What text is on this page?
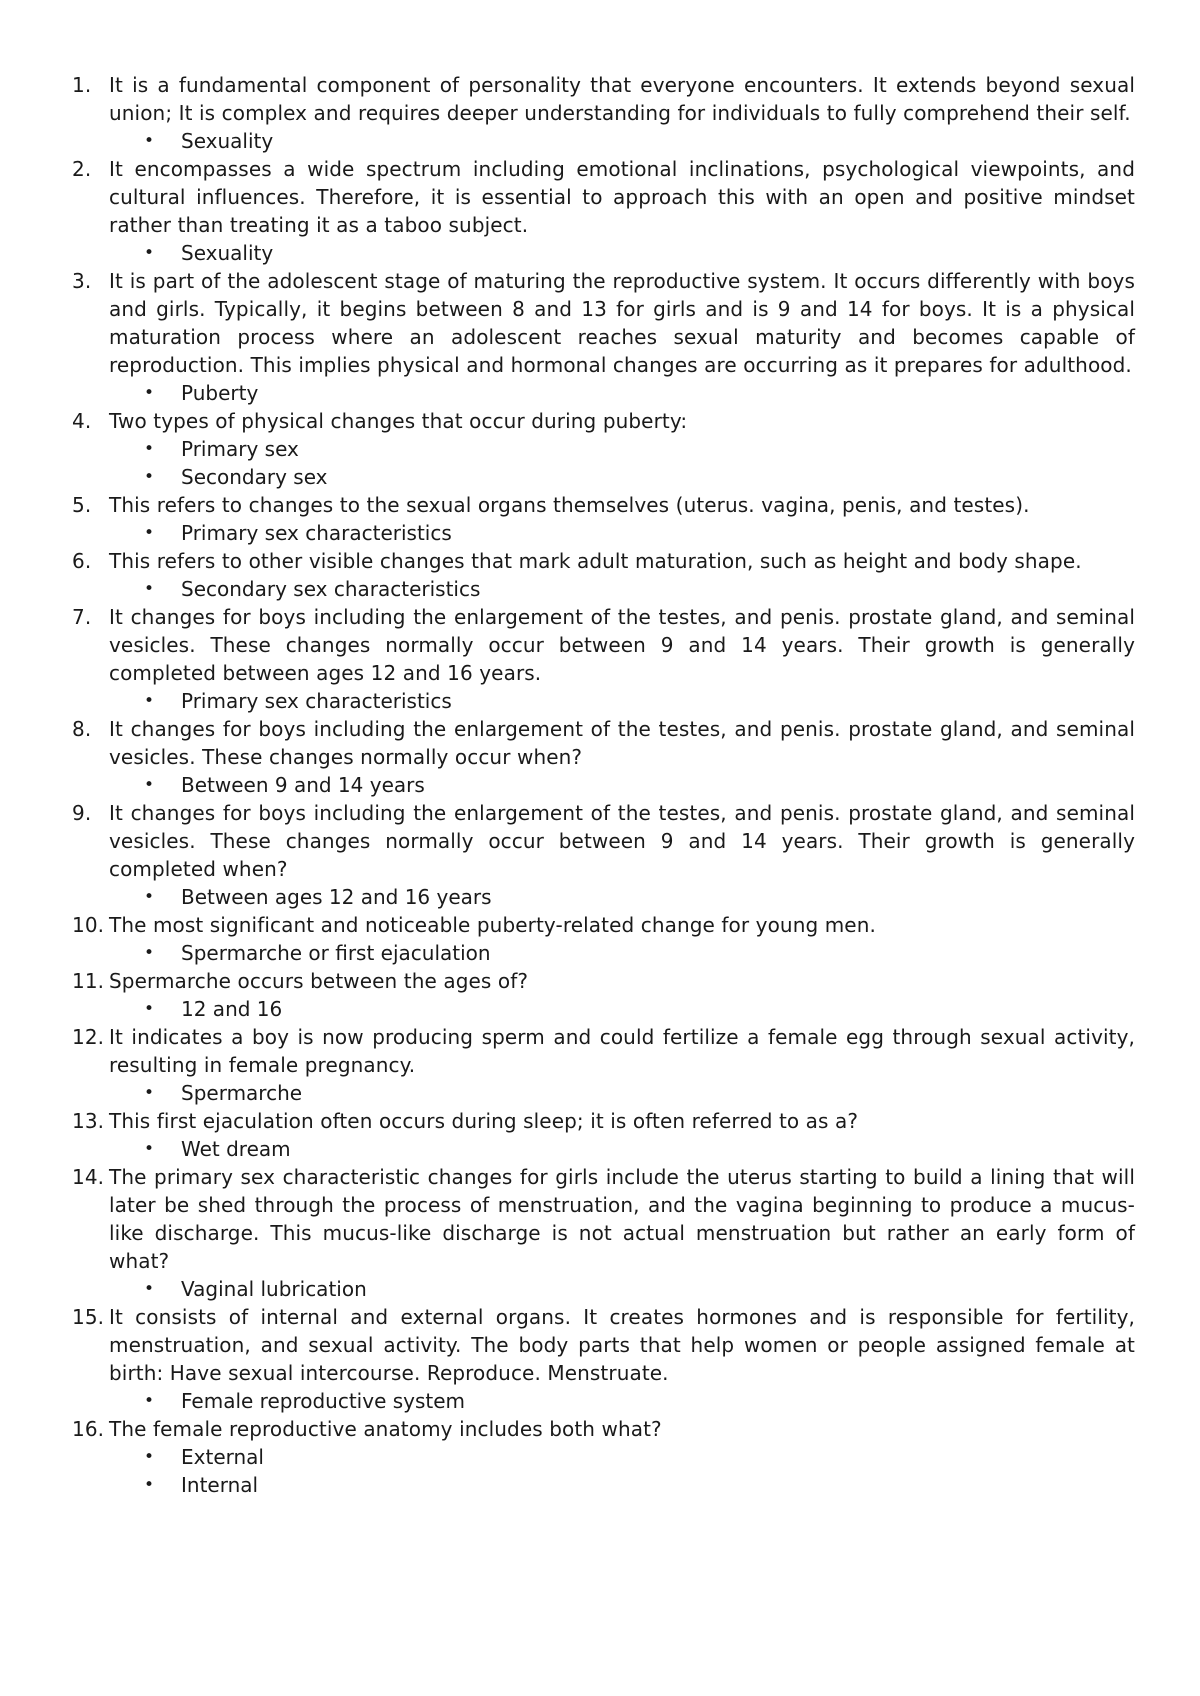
1. It is a fundamental component of personality that everyone encounters. It extends beyond sexual union; It is complex and requires deeper understanding for individuals to fully comprehend their self.
•	Sexuality
2. It encompasses a wide spectrum including emotional inclinations, psychological viewpoints, and cultural influences. Therefore, it is essential to approach this with an open and positive mindset rather than treating it as a taboo subject.
•	Sexuality
3. It is part of the adolescent stage of maturing the reproductive system. It occurs differently with boys and girls. Typically, it begins between 8 and 13 for girls and is 9 and 14 for boys. It is a physical maturation process where an adolescent reaches sexual maturity and becomes capable of reproduction. This implies physical and hormonal changes are occurring as it prepares for adulthood.
•	Puberty
4. Two types of physical changes that occur during puberty:
•	Primary sex
•	Secondary sex
5. This refers to changes to the sexual organs themselves (uterus. vagina, penis, and testes).
•	Primary sex characteristics
6. This refers to other visible changes that mark adult maturation, such as height and body shape.
•	Secondary sex characteristics
7. It changes for boys including the enlargement of the testes, and penis. prostate gland, and seminal vesicles. These changes normally occur between 9 and 14 years. Their growth is generally completed between ages 12 and 16 years.
•	Primary sex characteristics
8. It changes for boys including the enlargement of the testes, and penis. prostate gland, and seminal vesicles. These changes normally occur when?
•	Between 9 and 14 years
9. It changes for boys including the enlargement of the testes, and penis. prostate gland, and seminal vesicles. These changes normally occur between 9 and 14 years. Their growth is generally completed when?
•	Between ages 12 and 16 years
10. The most significant and noticeable puberty-related change for young men.
•	Spermarche or first ejaculation
11. Spermarche occurs between the ages of?
•	12 and 16
12. It indicates a boy is now producing sperm and could fertilize a female egg through sexual activity, resulting in female pregnancy.
•	Spermarche
13. This first ejaculation often occurs during sleep; it is often referred to as a?
•	Wet dream
14. The primary sex characteristic changes for girls include the uterus starting to build a lining that will later be shed through the process of menstruation, and the vagina beginning to produce a mucus-like discharge. This mucus-like discharge is not actual menstruation but rather an early form of what?
•	Vaginal lubrication
15. It consists of internal and external organs. It creates hormones and is responsible for fertility, menstruation, and sexual activity. The body parts that help women or people assigned female at birth: Have sexual intercourse. Reproduce. Menstruate.
•	Female reproductive system
16. The female reproductive anatomy includes both what?
•	External
•	Internal
